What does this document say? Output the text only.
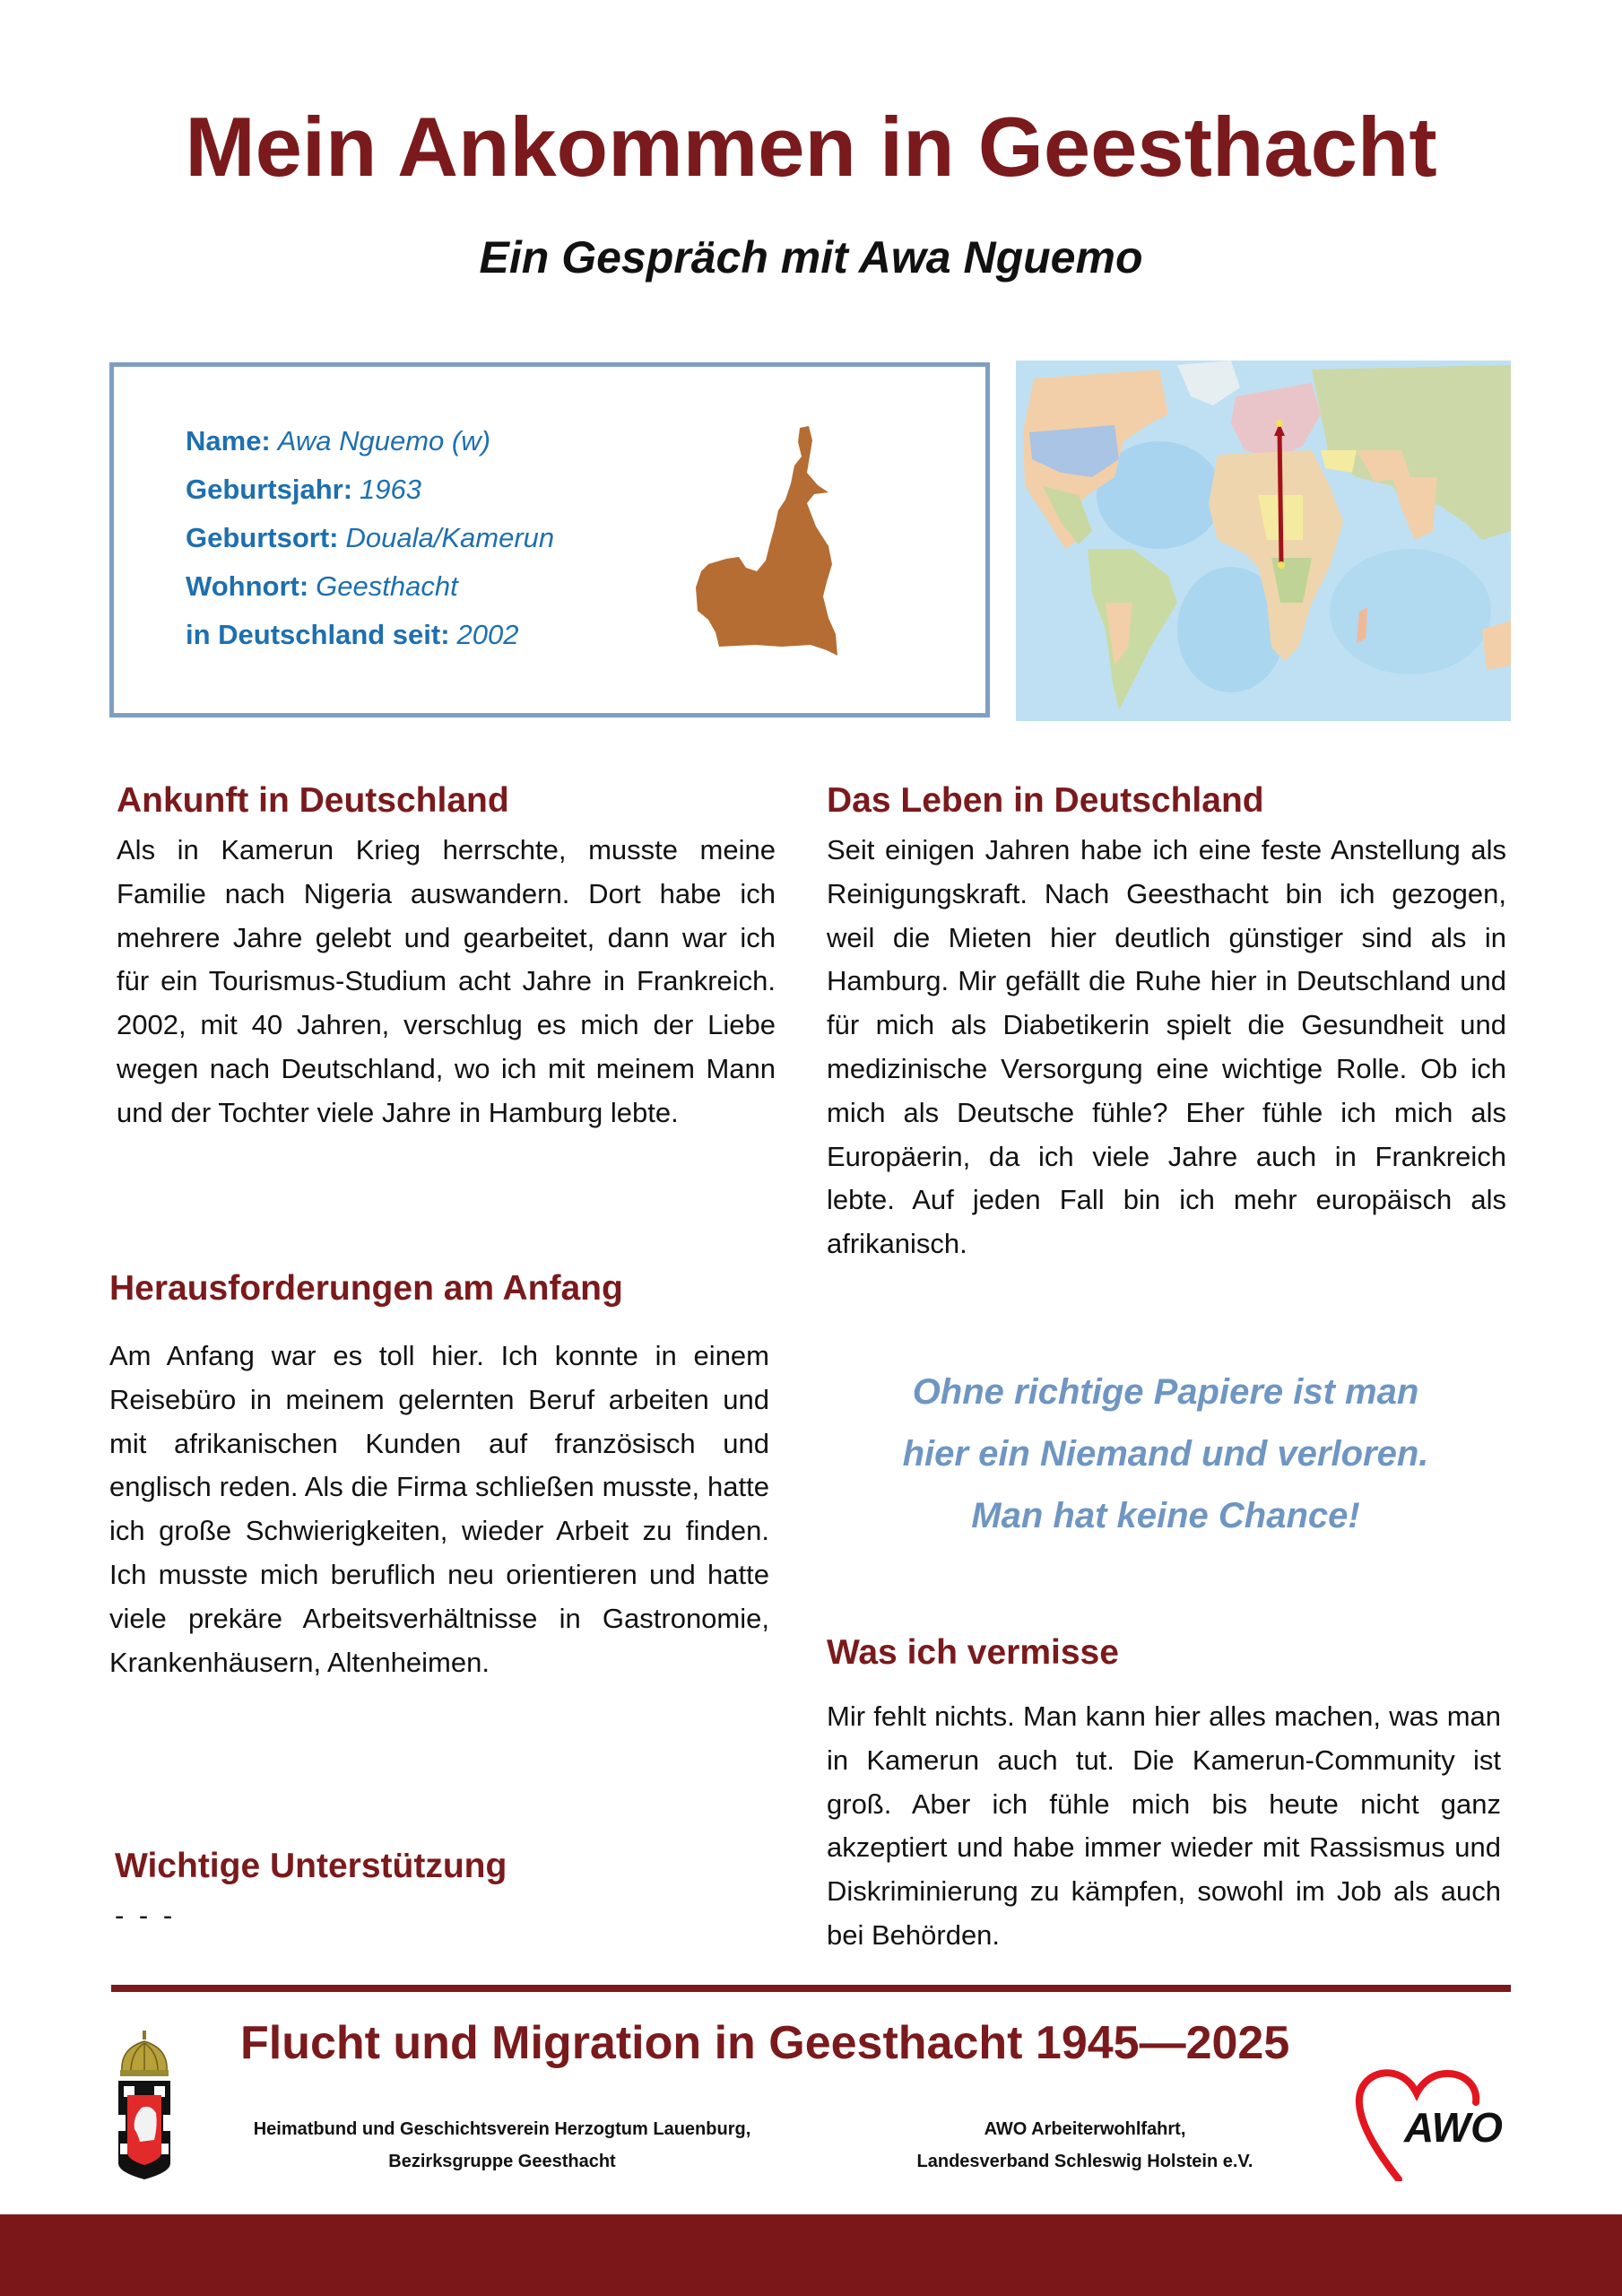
Mein Ankommen in Geesthacht
Ein Gespräch mit Awa Nguemo
Name: Awa Nguemo (w)
Geburtsjahr: 1963
Geburtsort: Douala/Kamerun
Wohnort: Geesthacht
in Deutschland seit: 2002
Ankunft in Deutschland

Als in Kamerun Krieg herrschte, musste meine Familie nach Nigeria auswandern. Dort habe ich mehrere Jahre gelebt und gearbeitet, dann war ich für ein Tourismus-Studium acht Jahre in Frankreich. 2002, mit 40 Jahren, verschlug es mich der Liebe wegen nach Deutschland, wo ich mit meinem Mann und der Tochter viele Jahre in Hamburg lebte.

Das Leben in Deutschland

Seit einigen Jahren habe ich eine feste Anstellung als Reinigungskraft. Nach Geesthacht bin ich gezogen, weil die Mieten hier deutlich günstiger sind als in Hamburg. Mir gefällt die Ruhe hier in Deutschland und für mich als Diabetikerin spielt die Gesundheit und medizinische Versorgung eine wichtige Rolle. Ob ich mich als Deutsche fühle? Eher fühle ich mich als Europäerin, da ich viele Jahre auch in Frankreich lebte. Auf jeden Fall bin ich mehr europäisch als afrikanisch.

Herausforderungen am Anfang

Am Anfang war es toll hier. Ich konnte in einem Reisebüro in meinem gelernten Beruf arbeiten und mit afrikanischen Kunden auf französisch und englisch reden. Als die Firma schließen musste, hatte ich große Schwierigkeiten, wieder Arbeit zu finden. Ich musste mich beruflich neu orientieren und hatte viele prekäre Arbeitsverhältnisse in Gastronomie, Krankenhäusern, Altenheimen.

Ohne richtige Papiere ist man
hier ein Niemand und verloren.
Man hat keine Chance!
Was ich vermisse

Mir fehlt nichts. Man kann hier alles machen, was man in Kamerun auch tut. Die Kamerun-Community ist groß. Aber ich fühle mich bis heute nicht ganz akzeptiert und habe immer wieder mit Rassismus und Diskriminierung zu kämpfen, sowohl im Job als auch bei Behörden.

Wichtige Unterstützung

- - -

Flucht und Migration in Geesthacht 1945—2025
Heimatbund und Geschichtsverein Herzogtum Lauenburg,
Bezirksgruppe Geesthacht
AWO Arbeiterwohlfahrt,
Landesverband Schleswig Holstein e.V.
AWO
